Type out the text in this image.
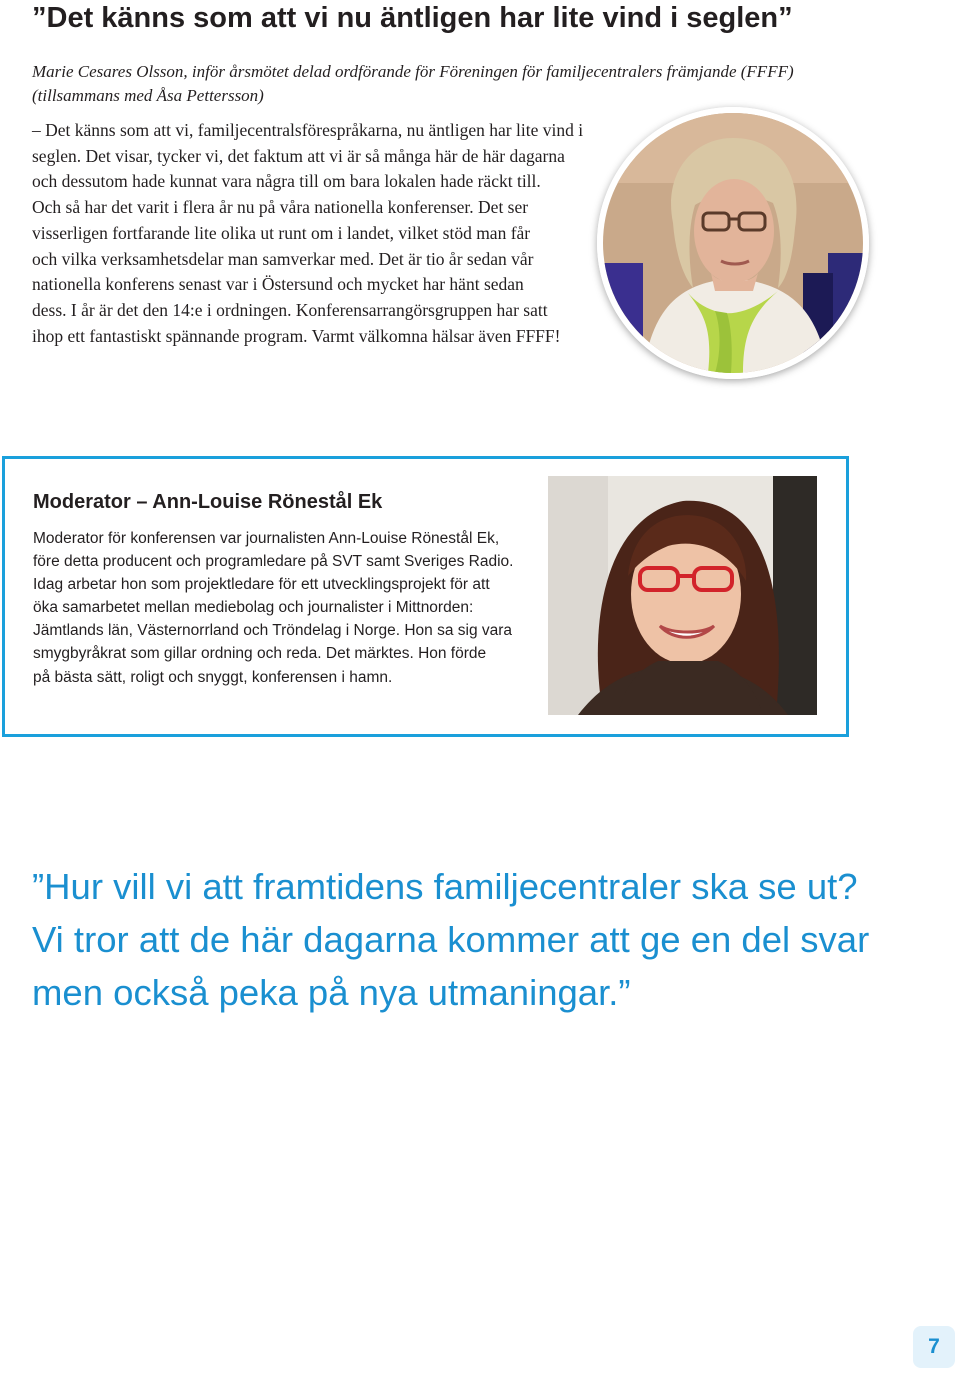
”Det känns som att vi nu äntligen har lite vind i seglen”

Marie Cesares Olsson, inför årsmötet delad ordförande för Föreningen för familjecentralers främjande (FFFF)
(tillsammans med Åsa Pettersson)

– Det känns som att vi, familjecentralsförespråkarna, nu äntligen har lite vind i
seglen. Det visar, tycker vi, det faktum att vi är så många här de här dagarna
och dessutom hade kunnat vara några till om bara lokalen hade räckt till.
Och så har det varit i flera år nu på våra nationella konferenser. Det ser
visserligen fortfarande lite olika ut runt om i landet, vilket stöd man får
och vilka verksamhetsdelar man samverkar med. Det är tio år sedan vår
nationella konferens senast var i Östersund och mycket har hänt sedan
dess. I år är det den 14:e i ordningen. Konferensarrangörsgruppen har satt
ihop ett fantastiskt spännande program. Varmt välkomna hälsar även FFFF!

Moderator – Ann-Louise Rönestål Ek

Moderator för konferensen var journalisten Ann-Louise Rönestål Ek,
före detta producent och programledare på SVT samt Sveriges Radio.
Idag arbetar hon som projektledare för ett utvecklingsprojekt för att
öka samarbetet mellan mediebolag och journalister i Mittnorden:
Jämtlands län, Västernorrland och Tröndelag i Norge. Hon sa sig vara
smygbyråkrat som gillar ordning och reda. Det märktes. Hon förde
på bästa sätt, roligt och snyggt, konferensen i hamn.

”Hur vill vi att framtidens familjecentraler ska se ut?
Vi tror att de här dagarna kommer att ge en del svar
men också peka på nya utmaningar.”

7
